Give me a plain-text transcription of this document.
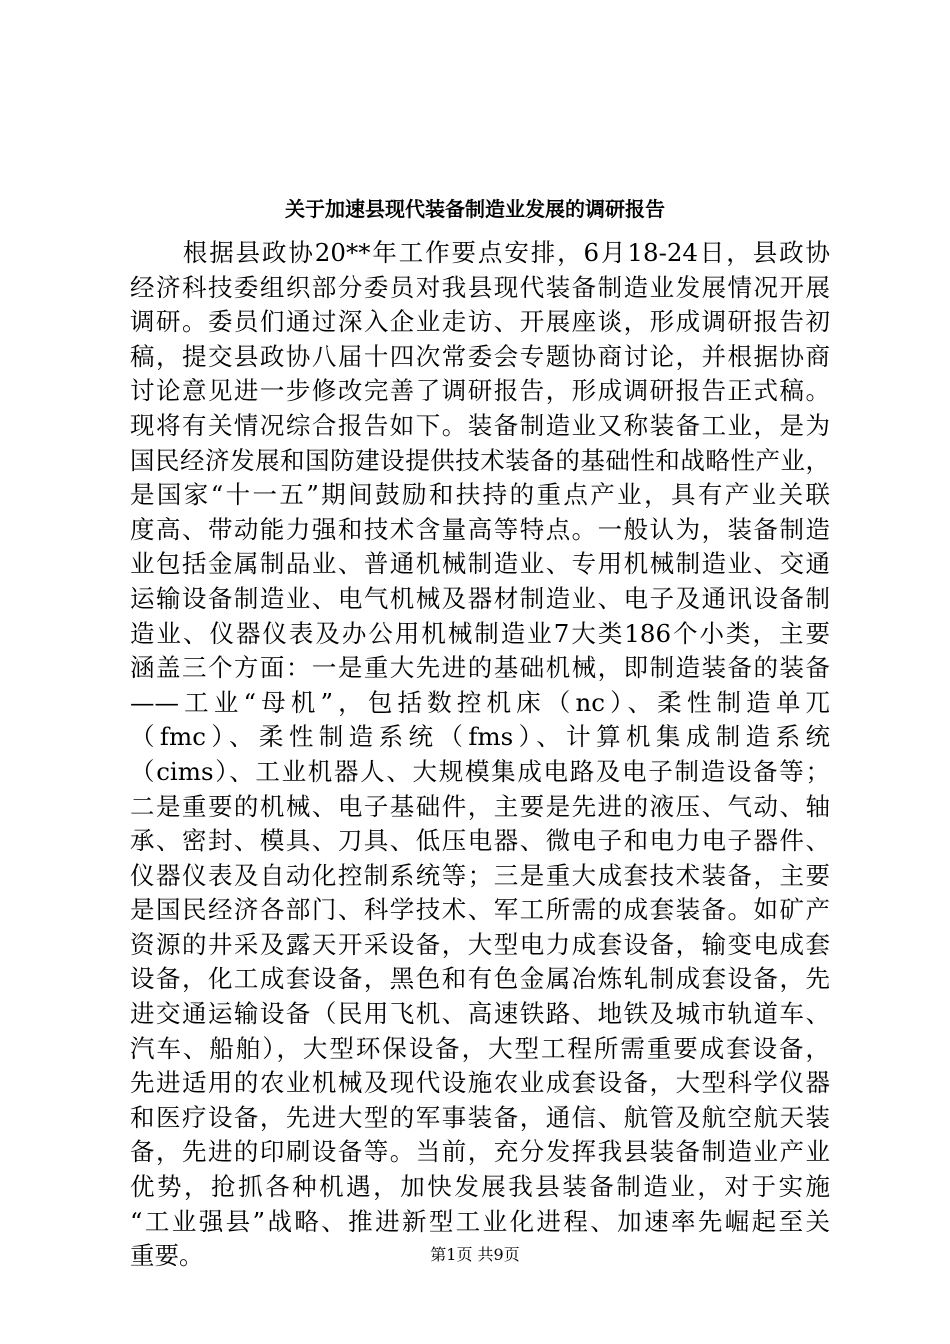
关于加速县现代装备制造业发展的调研报告
　　根据县政协20**年工作要点安排，6月18-24日，县政协
经济科技委组织部分委员对我县现代装备制造业发展情况开展
调研。委员们通过深入企业走访、开展座谈，形成调研报告初
稿，提交县政协八届十四次常委会专题协商讨论，并根据协商
讨论意见进一步修改完善了调研报告，形成调研报告正式稿。
现将有关情况综合报告如下。装备制造业又称装备工业，是为
国民经济发展和国防建设提供技术装备的基础性和战略性产业，
是国家“十一五”期间鼓励和扶持的重点产业，具有产业关联
度高、带动能力强和技术含量高等特点。一般认为，装备制造
业包括金属制品业、普通机械制造业、专用机械制造业、交通
运输设备制造业、电气机械及器材制造业、电子及通讯设备制
造业、仪器仪表及办公用机械制造业7大类186个小类，主要
涵盖三个方面：一是重大先进的基础机械，即制造装备的装备
——工业“母机”，包括数控机床（nc）、柔性制造单兀
（fmc）、柔性制造系统（fms）、计算机集成制造系统
（cims）、工业机器人、大规模集成电路及电子制造设备等；
二是重要的机械、电子基础件，主要是先进的液压、气动、轴
承、密封、模具、刀具、低压电器、微电子和电力电子器件、
仪器仪表及自动化控制系统等；三是重大成套技术装备，主要
是国民经济各部门、科学技术、军工所需的成套装备。如矿产
资源的井采及露天开采设备，大型电力成套设备，输变电成套
设备，化工成套设备，黑色和有色金属冶炼轧制成套设备，先
进交通运输设备（民用飞机、高速铁路、地铁及城市轨道车、
汽车、船舶），大型环保设备，大型工程所需重要成套设备，
先进适用的农业机械及现代设施农业成套设备，大型科学仪器
和医疗设备，先进大型的军事装备，通信、航管及航空航天装
备，先进的印刷设备等。当前，充分发挥我县装备制造业产业
优势，抢抓各种机遇，加快发展我县装备制造业，对于实施
“工业强县”战略、推进新型工业化进程、加速率先崛起至关
重要。	第1页 共9页
